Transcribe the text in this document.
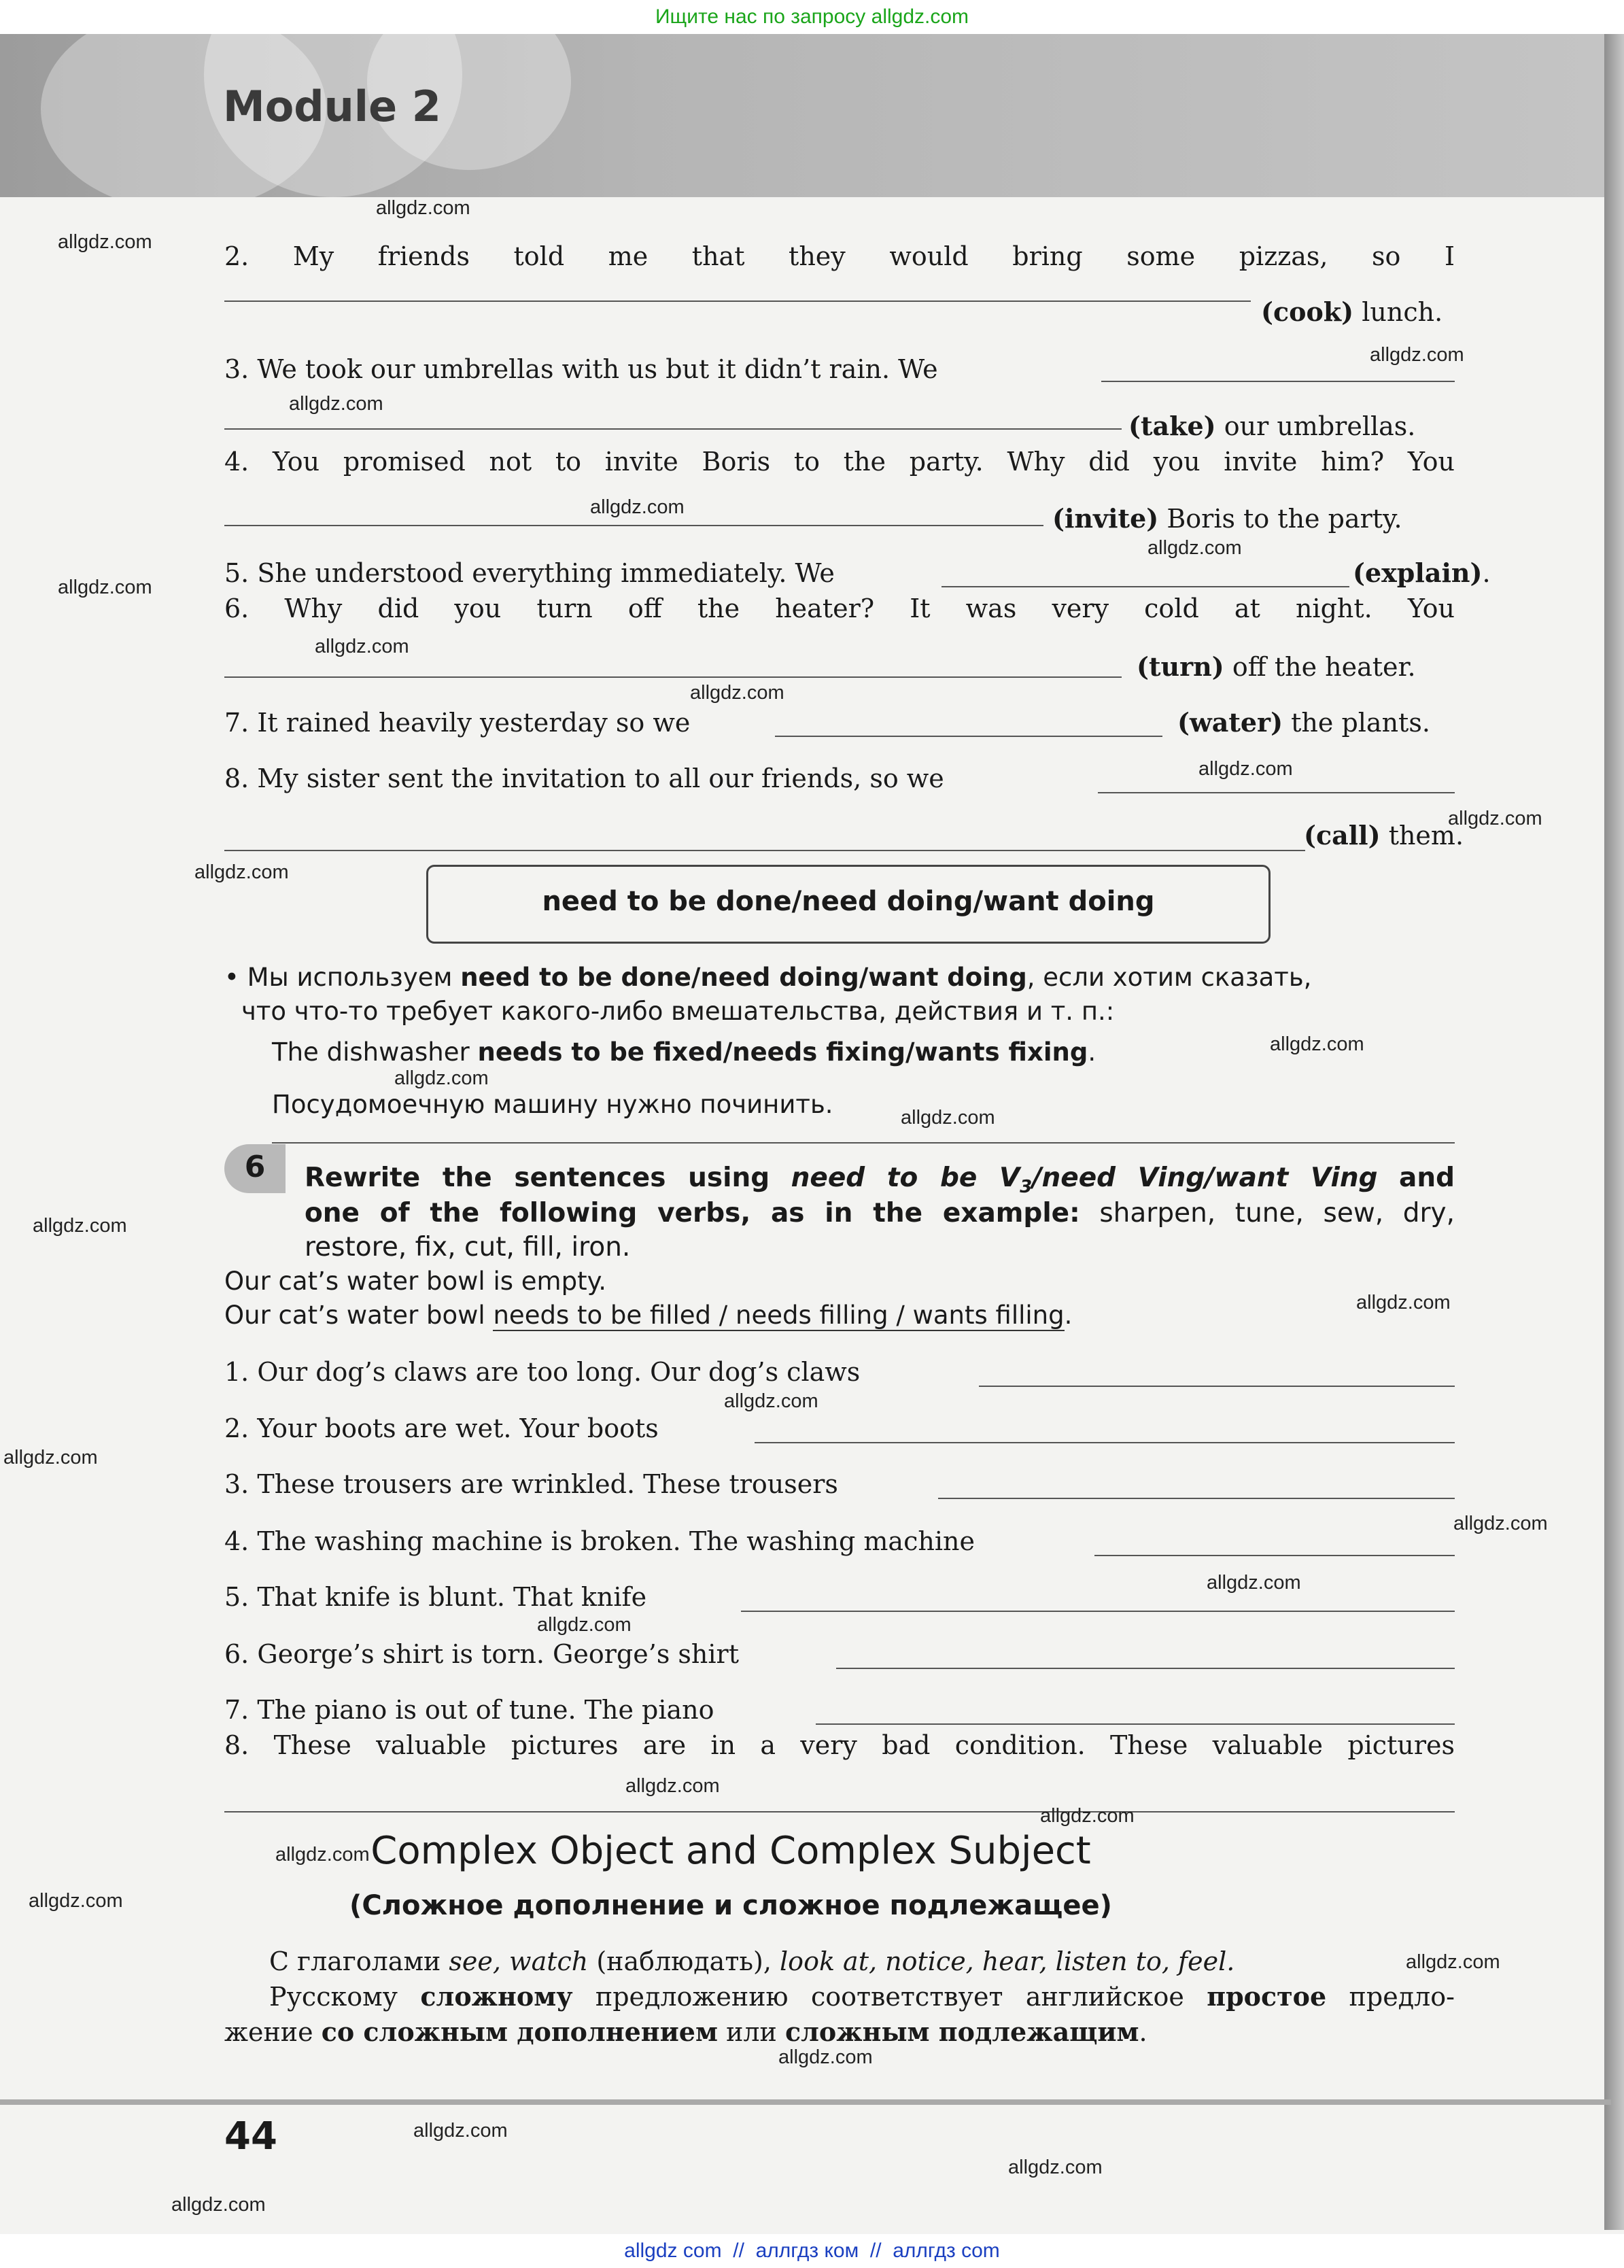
Ищите нас по запросу allgdz.com
Module 2
2. My friends told me that they would bring some pizzas, so I
(cook) lunch.
3. We took our umbrellas with us but it didn’t rain. We
(take) our umbrellas.
4. You promised not to invite Boris to the party. Why did you invite him? You
(invite) Boris to the party.
5. She understood everything immediately. We	(explain).
6. Why did you turn off the heater? It was very cold at night. You
(turn) off the heater.
7. It rained heavily yesterday so we	(water) the plants.
8. My sister sent the invitation to all our friends, so we
(call) them.
need to be done/need doing/want doing
• Мы используем need to be done/need doing/want doing, если хотим сказать,
что что-то требует какого-либо вмешательства, действия и т. п.:
The dishwasher needs to be fixed/needs fixing/wants fixing.
Посудомоечную машину нужно починить.
6	Rewrite the sentences using need to be $V_3$/need Ving/want Ving and
one of the following verbs, as in the example: sharpen, tune, sew, dry,
restore, fix, cut, fill, iron.
Our cat’s water bowl is empty.
Our cat’s water bowl needs to be filled / needs filling / wants filling.
1. Our dog’s claws are too long. Our dog’s claws
2. Your boots are wet. Your boots
3. These trousers are wrinkled. These trousers
4. The washing machine is broken. The washing machine
5. That knife is blunt. That knife
6. George’s shirt is torn. George’s shirt
7. The piano is out of tune. The piano
8. These valuable pictures are in a very bad condition. These valuable pictures
Complex Object and Complex Subject
(Сложное дополнение и сложное подлежащее)
С глаголами see, watch (наблюдать), look at, notice, hear, listen to, feel.
Русскому сложному предложению соответствует английское простое предло-
жение со сложным дополнением или сложным подлежащим.
44
allgdz.com
allgdz.com
allgdz.com
allgdz.com
allgdz.com
allgdz.com
allgdz.com
allgdz.com
allgdz.com
allgdz.com
allgdz.com
allgdz.com
allgdz.com
allgdz.com
allgdz.com
allgdz.com
allgdz.com
allgdz.com
allgdz.com
allgdz.com
allgdz.com
allgdz.com
allgdz.com
allgdz.com
allgdz.com
allgdz.com
allgdz.com
allgdz.com
allgdz.com
allgdz.com
allgdz.com
allgdz com  //  аллгдз ком  //  аллгдз com
